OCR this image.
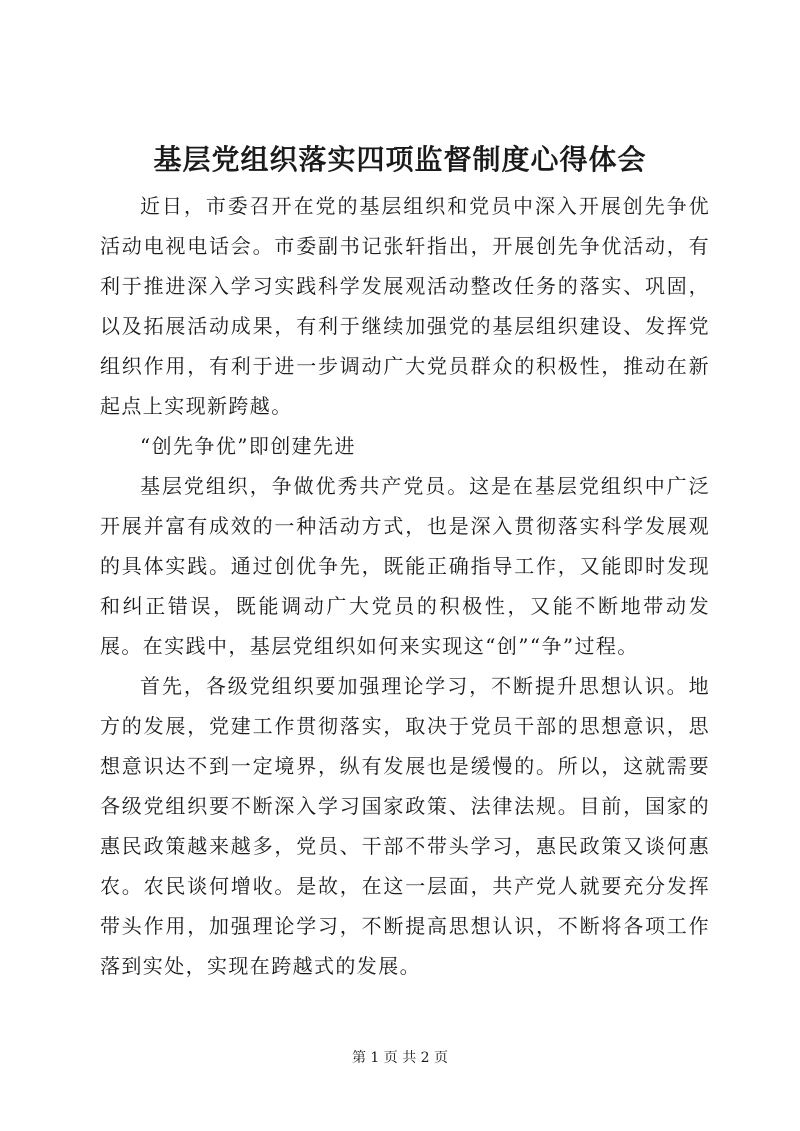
基层党组织落实四项监督制度心得体会

近日，市委召开在党的基层组织和党员中深入开展创先争优活动电视电话会。市委副书记张轩指出，开展创先争优活动，有利于推进深入学习实践科学发展观活动整改任务的落实、巩固，以及拓展活动成果，有利于继续加强党的基层组织建设、发挥党组织作用，有利于进一步调动广大党员群众的积极性，推动在新起点上实现新跨越。

“创先争优”即创建先进

基层党组织，争做优秀共产党员。这是在基层党组织中广泛开展并富有成效的一种活动方式，也是深入贯彻落实科学发展观的具体实践。通过创优争先，既能正确指导工作，又能即时发现和纠正错误，既能调动广大党员的积极性，又能不断地带动发展。在实践中，基层党组织如何来实现这“创”“争”过程。

首先，各级党组织要加强理论学习，不断提升思想认识。地方的发展，党建工作贯彻落实，取决于党员干部的思想意识，思想意识达不到一定境界，纵有发展也是缓慢的。所以，这就需要各级党组织要不断深入学习国家政策、法律法规。目前，国家的惠民政策越来越多，党员、干部不带头学习，惠民政策又谈何惠农。农民谈何增收。是故，在这一层面，共产党人就要充分发挥带头作用，加强理论学习，不断提高思想认识，不断将各项工作落到实处，实现在跨越式的发展。

第 1 页 共 2 页
